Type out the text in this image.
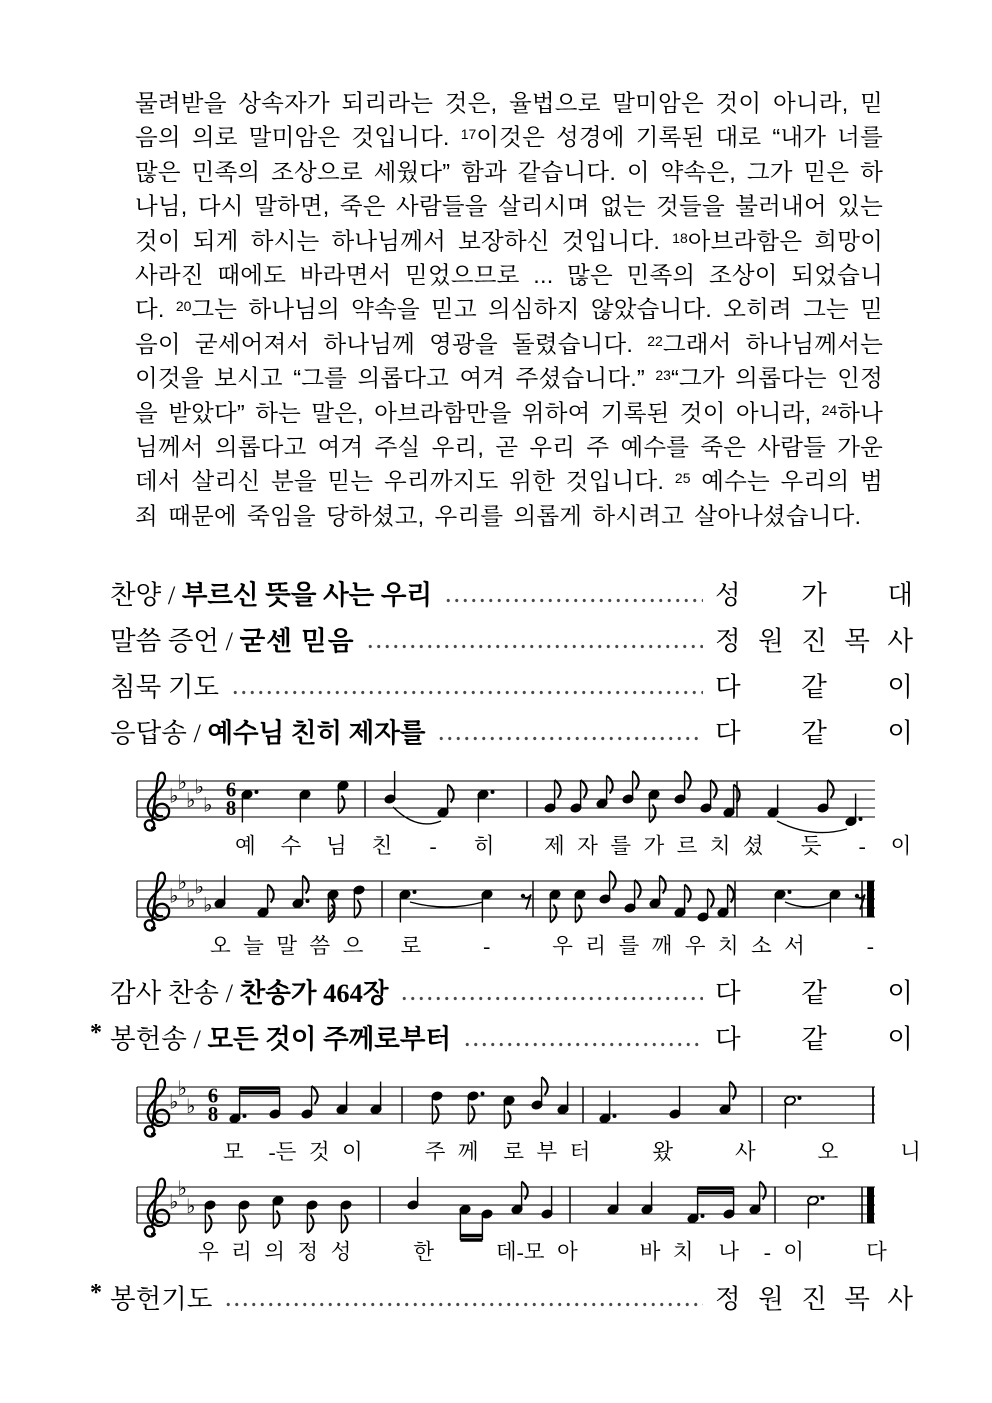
물려받을 상속자가 되리라는 것은, 율법으로 말미암은 것이 아니라, 믿음의 의로 말미암은 것입니다. $^{17}$이것은 성경에 기록된 대로 “내가 너를 많은 민족의 조상으로 세웠다” 함과 같습니다. 이 약속은, 그가 믿은 하나님, 다시 말하면, 죽은 사람들을 살리시며 없는 것들을 불러내어 있는 것이 되게 하시는 하나님께서 보장하신 것입니다. $^{18}$아브라함은 희망이 사라진 때에도 바라면서 믿었으므로 ... 많은 민족의 조상이 되었습니다. $^{20}$그는 하나님의 약속을 믿고 의심하지 않았습니다. 오히려 그는 믿음이 굳세어져서 하나님께 영광을 돌렸습니다. $^{22}$그래서 하나님께서는 이것을 보시고 “그를 의롭다고 여겨 주셨습니다.” $^{23}$“그가 의롭다는 인정을 받았다” 하는 말은, 아브라함만을 위하여 기록된 것이 아니라, $^{24}$하나님께서 의롭다고 여겨 주실 우리, 곧 우리 주 예수를 죽은 사람들 가운데서 살리신 분을 믿는 우리까지도 위한 것입니다. $^{25}$ 예수는 우리의 범죄 때문에 죽임을 당하셨고, 우리를 의롭게 하시려고 살아나셨습니다.

찬양 / 부르신 뜻을 사는 우리	성 가 대
말씀 증언 / 굳센 믿음	정 원 진 목 사
침묵 기도	다 같 이
응답송 / 예수님 친히 제자를	다 같 이
♭
♭
♭
♭
♭
6
8
예  수  님  친   -   히    제 자 를 가 르 치 셨   듯   -  이
♭
♭
♭
♭
♭
오 늘 말 씀 으   로     -     우 리 를 깨 우 치 소 서     -
감사 찬송 / 찬송가 464장	다 같 이
* 봉헌송 / 모든 것이 주께로부터	다 같 이
♭
♭
♭ 6
8
모  -든 것 이     주 께  로 부 터     왔     사     오     니
♭
♭
♭
우 리 의 정 성     한     데-모 아     바 치  나  - 이     다
* 봉헌기도	정 원 진 목 사
